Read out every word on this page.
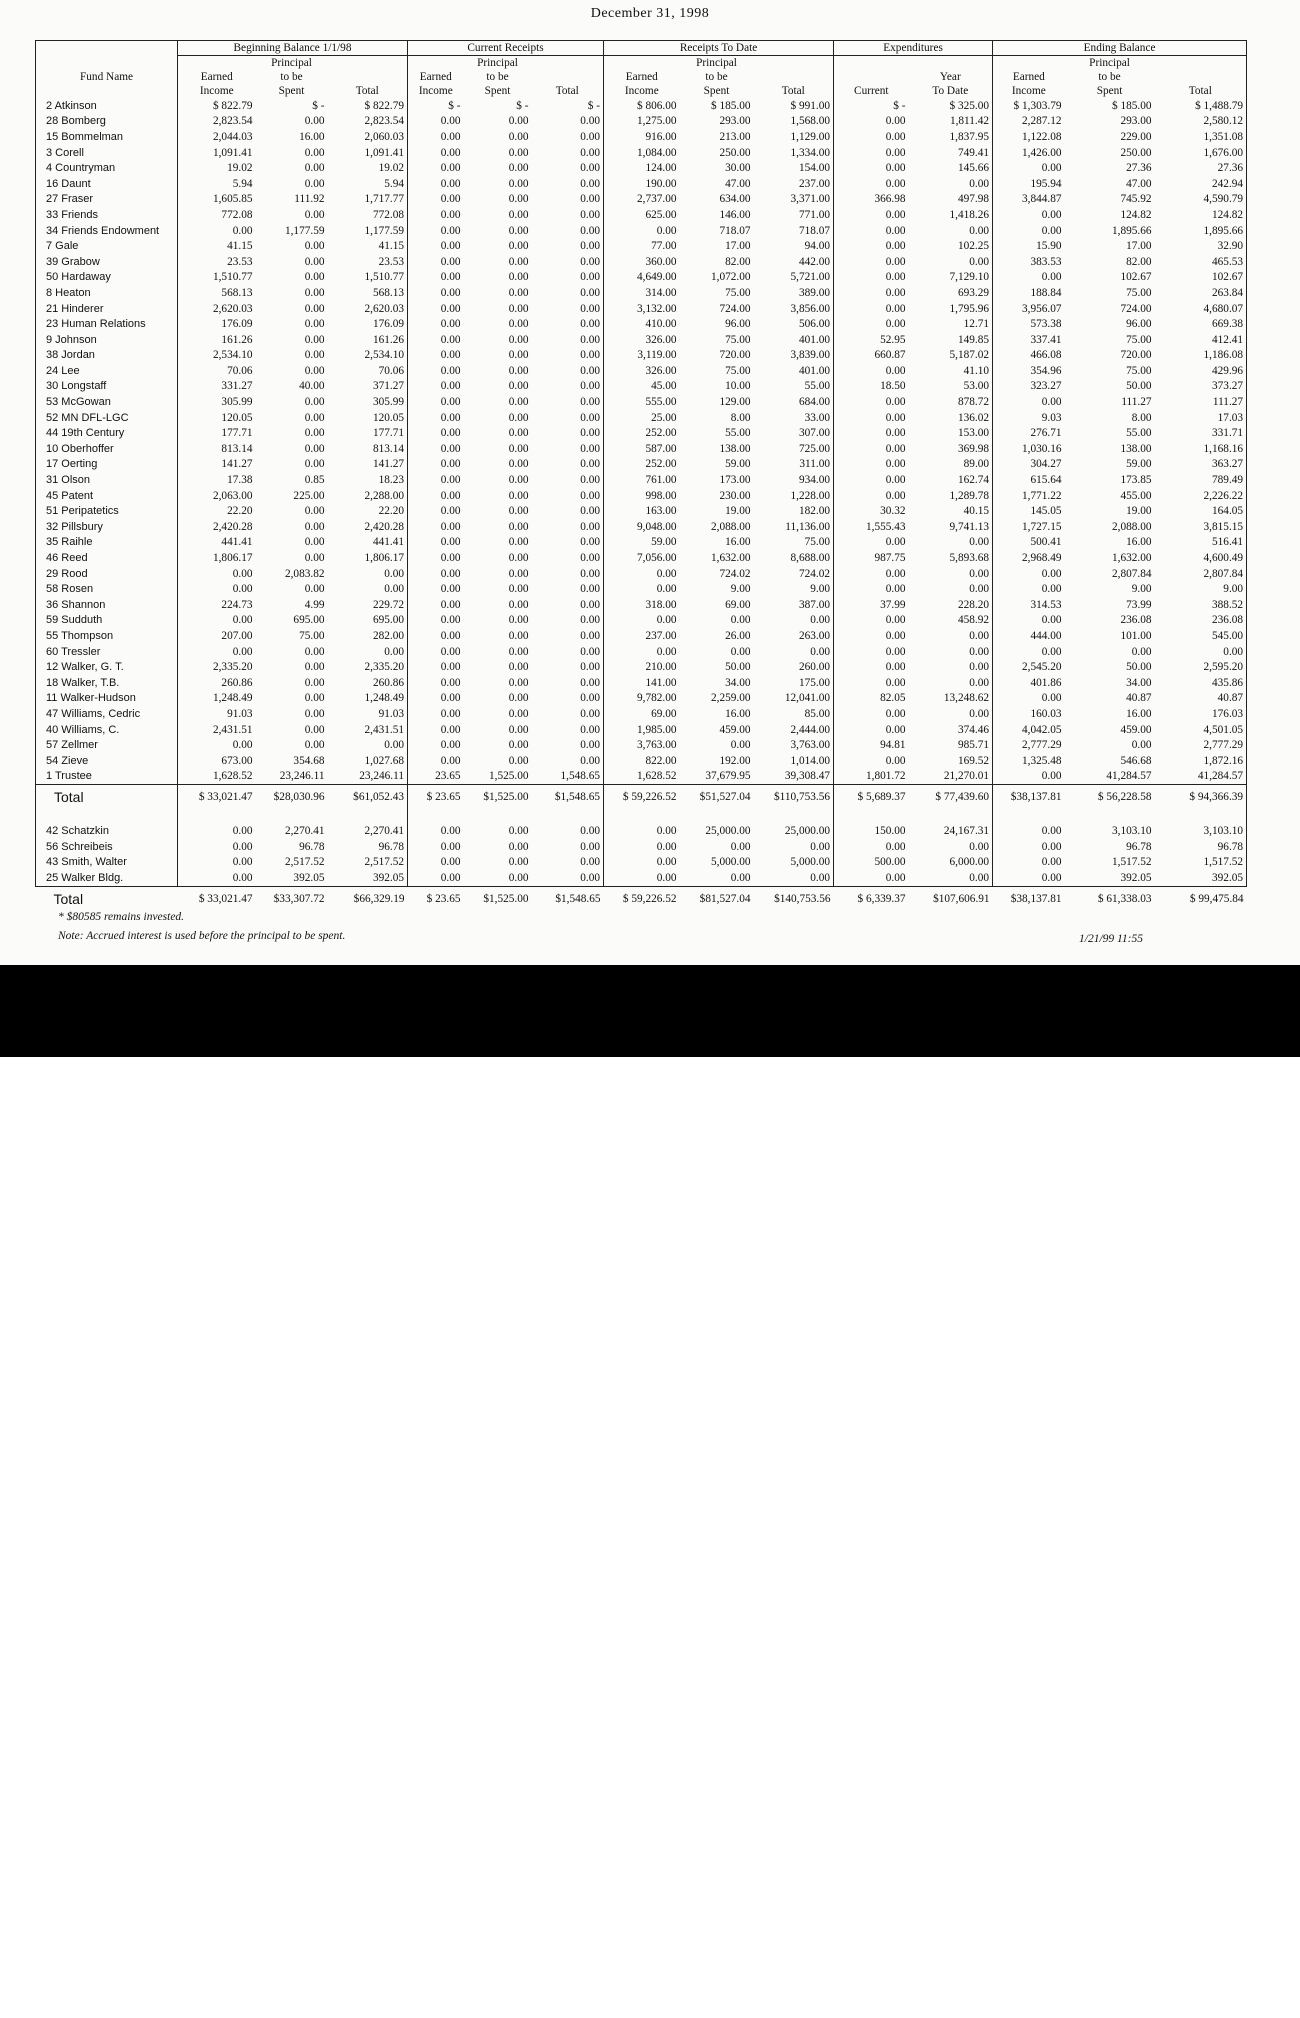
December 31, 1998
	Beginning Balance 1/1/98			Current Receipts			Receipts To Date			Expenditures		Ending Balance		
		Principal			Principal			Principal					Principal	
Fund Name	Earned	to be		Earned	to be		Earned	to be			Year	Earned	to be	
	Income	Spent	Total	Income	Spent	Total	Income	Spent	Total	Current	To Date	Income	Spent	Total
2 Atkinson	$ 822.79	$ -	$ 822.79	$ -	$ -	$ -	$ 806.00	$ 185.00	$ 991.00	$ -	$ 325.00	$ 1,303.79	$ 185.00	$ 1,488.79
28 Bomberg	2,823.54	0.00	2,823.54	0.00	0.00	0.00	1,275.00	293.00	1,568.00	0.00	1,811.42	2,287.12	293.00	2,580.12
15 Bommelman	2,044.03	16.00	2,060.03	0.00	0.00	0.00	916.00	213.00	1,129.00	0.00	1,837.95	1,122.08	229.00	1,351.08
3 Corell	1,091.41	0.00	1,091.41	0.00	0.00	0.00	1,084.00	250.00	1,334.00	0.00	749.41	1,426.00	250.00	1,676.00
4 Countryman	19.02	0.00	19.02	0.00	0.00	0.00	124.00	30.00	154.00	0.00	145.66	0.00	27.36	27.36
16 Daunt	5.94	0.00	5.94	0.00	0.00	0.00	190.00	47.00	237.00	0.00	0.00	195.94	47.00	242.94
27 Fraser	1,605.85	111.92	1,717.77	0.00	0.00	0.00	2,737.00	634.00	3,371.00	366.98	497.98	3,844.87	745.92	4,590.79
33 Friends	772.08	0.00	772.08	0.00	0.00	0.00	625.00	146.00	771.00	0.00	1,418.26	0.00	124.82	124.82
34 Friends Endowment	0.00	1,177.59	1,177.59	0.00	0.00	0.00	0.00	718.07	718.07	0.00	0.00	0.00	1,895.66	1,895.66
7 Gale	41.15	0.00	41.15	0.00	0.00	0.00	77.00	17.00	94.00	0.00	102.25	15.90	17.00	32.90
39 Grabow	23.53	0.00	23.53	0.00	0.00	0.00	360.00	82.00	442.00	0.00	0.00	383.53	82.00	465.53
50 Hardaway	1,510.77	0.00	1,510.77	0.00	0.00	0.00	4,649.00	1,072.00	5,721.00	0.00	7,129.10	0.00	102.67	102.67
8 Heaton	568.13	0.00	568.13	0.00	0.00	0.00	314.00	75.00	389.00	0.00	693.29	188.84	75.00	263.84
21 Hinderer	2,620.03	0.00	2,620.03	0.00	0.00	0.00	3,132.00	724.00	3,856.00	0.00	1,795.96	3,956.07	724.00	4,680.07
23 Human Relations	176.09	0.00	176.09	0.00	0.00	0.00	410.00	96.00	506.00	0.00	12.71	573.38	96.00	669.38
9 Johnson	161.26	0.00	161.26	0.00	0.00	0.00	326.00	75.00	401.00	52.95	149.85	337.41	75.00	412.41
38 Jordan	2,534.10	0.00	2,534.10	0.00	0.00	0.00	3,119.00	720.00	3,839.00	660.87	5,187.02	466.08	720.00	1,186.08
24 Lee	70.06	0.00	70.06	0.00	0.00	0.00	326.00	75.00	401.00	0.00	41.10	354.96	75.00	429.96
30 Longstaff	331.27	40.00	371.27	0.00	0.00	0.00	45.00	10.00	55.00	18.50	53.00	323.27	50.00	373.27
53 McGowan	305.99	0.00	305.99	0.00	0.00	0.00	555.00	129.00	684.00	0.00	878.72	0.00	111.27	111.27
52 MN DFL-LGC	120.05	0.00	120.05	0.00	0.00	0.00	25.00	8.00	33.00	0.00	136.02	9.03	8.00	17.03
44 19th Century	177.71	0.00	177.71	0.00	0.00	0.00	252.00	55.00	307.00	0.00	153.00	276.71	55.00	331.71
10 Oberhoffer	813.14	0.00	813.14	0.00	0.00	0.00	587.00	138.00	725.00	0.00	369.98	1,030.16	138.00	1,168.16
17 Oerting	141.27	0.00	141.27	0.00	0.00	0.00	252.00	59.00	311.00	0.00	89.00	304.27	59.00	363.27
31 Olson	17.38	0.85	18.23	0.00	0.00	0.00	761.00	173.00	934.00	0.00	162.74	615.64	173.85	789.49
45 Patent	2,063.00	225.00	2,288.00	0.00	0.00	0.00	998.00	230.00	1,228.00	0.00	1,289.78	1,771.22	455.00	2,226.22
51 Peripatetics	22.20	0.00	22.20	0.00	0.00	0.00	163.00	19.00	182.00	30.32	40.15	145.05	19.00	164.05
32 Pillsbury	2,420.28	0.00	2,420.28	0.00	0.00	0.00	9,048.00	2,088.00	11,136.00	1,555.43	9,741.13	1,727.15	2,088.00	3,815.15
35 Raihle	441.41	0.00	441.41	0.00	0.00	0.00	59.00	16.00	75.00	0.00	0.00	500.41	16.00	516.41
46 Reed	1,806.17	0.00	1,806.17	0.00	0.00	0.00	7,056.00	1,632.00	8,688.00	987.75	5,893.68	2,968.49	1,632.00	4,600.49
29 Rood	0.00	2,083.82	0.00	0.00	0.00	0.00	0.00	724.02	724.02	0.00	0.00	0.00	2,807.84	2,807.84
58 Rosen	0.00	0.00	0.00	0.00	0.00	0.00	0.00	9.00	9.00	0.00	0.00	0.00	9.00	9.00
36 Shannon	224.73	4.99	229.72	0.00	0.00	0.00	318.00	69.00	387.00	37.99	228.20	314.53	73.99	388.52
59 Sudduth	0.00	695.00	695.00	0.00	0.00	0.00	0.00	0.00	0.00	0.00	458.92	0.00	236.08	236.08
55 Thompson	207.00	75.00	282.00	0.00	0.00	0.00	237.00	26.00	263.00	0.00	0.00	444.00	101.00	545.00
60 Tressler	0.00	0.00	0.00	0.00	0.00	0.00	0.00	0.00	0.00	0.00	0.00	0.00	0.00	0.00
12 Walker, G. T.	2,335.20	0.00	2,335.20	0.00	0.00	0.00	210.00	50.00	260.00	0.00	0.00	2,545.20	50.00	2,595.20
18 Walker, T.B.	260.86	0.00	260.86	0.00	0.00	0.00	141.00	34.00	175.00	0.00	0.00	401.86	34.00	435.86
11 Walker-Hudson	1,248.49	0.00	1,248.49	0.00	0.00	0.00	9,782.00	2,259.00	12,041.00	82.05	13,248.62	0.00	40.87	40.87
47 Williams, Cedric	91.03	0.00	91.03	0.00	0.00	0.00	69.00	16.00	85.00	0.00	0.00	160.03	16.00	176.03
40 Williams, C.	2,431.51	0.00	2,431.51	0.00	0.00	0.00	1,985.00	459.00	2,444.00	0.00	374.46	4,042.05	459.00	4,501.05
57 Zellmer	0.00	0.00	0.00	0.00	0.00	0.00	3,763.00	0.00	3,763.00	94.81	985.71	2,777.29	0.00	2,777.29
54 Zieve	673.00	354.68	1,027.68	0.00	0.00	0.00	822.00	192.00	1,014.00	0.00	169.52	1,325.48	546.68	1,872.16
1 Trustee	1,628.52	23,246.11	23,246.11	23.65	1,525.00	1,548.65	1,628.52	37,679.95	39,308.47	1,801.72	21,270.01	0.00	41,284.57	41,284.57
Total	$ 33,021.47	$28,030.96	$61,052.43	$ 23.65	$1,525.00	$1,548.65	$ 59,226.52	$51,527.04	$110,753.56	$ 5,689.37	$ 77,439.60	$38,137.81	$ 56,228.58	$ 94,366.39

42 Schatzkin	0.00	2,270.41	2,270.41	0.00	0.00	0.00	0.00	25,000.00	25,000.00	150.00	24,167.31	0.00	3,103.10	3,103.10
56 Schreibeis	0.00	96.78	96.78	0.00	0.00	0.00	0.00	0.00	0.00	0.00	0.00	0.00	96.78	96.78
43 Smith, Walter	0.00	2,517.52	2,517.52	0.00	0.00	0.00	0.00	5,000.00	5,000.00	500.00	6,000.00	0.00	1,517.52	1,517.52
25 Walker Bldg.	0.00	392.05	392.05	0.00	0.00	0.00	0.00	0.00	0.00	0.00	0.00	0.00	392.05	392.05
Total	$ 33,021.47	$33,307.72	$66,329.19	$ 23.65	$1,525.00	$1,548.65	$ 59,226.52	$81,527.04	$140,753.56	$ 6,339.37	$107,606.91	$38,137.81	$ 61,338.03	$ 99,475.84
* $80585 remains invested.
Note: Accrued interest is used before the principal to be spent.	1/21/99 11:55
alamy	3A5NHFX
www.alamy.com
